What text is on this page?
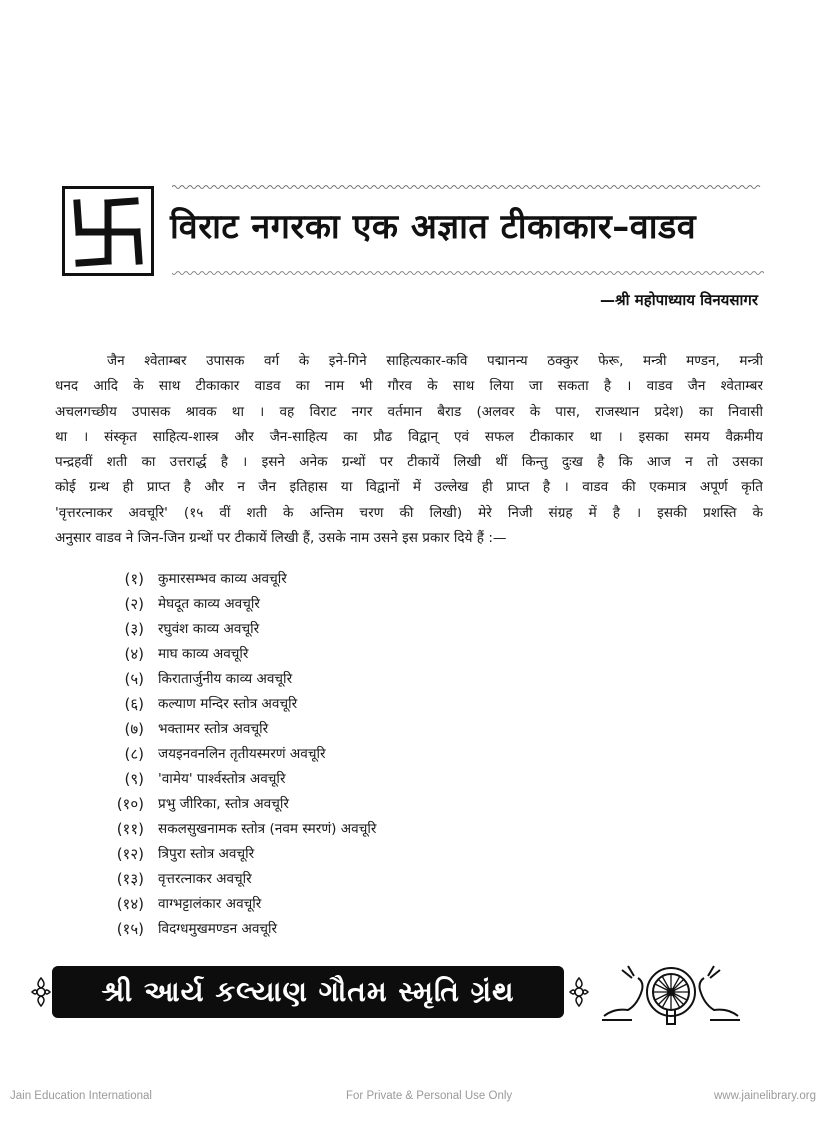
विराट नगरका एक अज्ञात टीकाकार–वाडव
—श्री महोपाध्याय विनयसागर
जैन श्वेताम्बर उपासक वर्ग के इने-गिने साहित्यकार-कवि पद्मानन्य ठक्कुर फेरू, मन्त्री मण्डन, मन्त्री
धनद आदि के साथ टीकाकार वाडव का नाम भी गौरव के साथ लिया जा सकता है । वाडव जैन श्वेताम्बर
अचलगच्छीय उपासक श्रावक था । वह विराट नगर वर्तमान बैराड (अलवर के पास, राजस्थान प्रदेश) का निवासी
था । संस्कृत साहित्य-शास्त्र और जैन-साहित्य का प्रौढ विद्वान् एवं सफल टीकाकार था । इसका समय वैक्रमीय
पन्द्रहवीं शती का उत्तरार्द्ध है । इसने अनेक ग्रन्थों पर टीकायें लिखी थीं किन्तु दुःख है कि आज न तो उसका
कोई ग्रन्थ ही प्राप्त है और न जैन इतिहास या विद्वानों में उल्लेख ही प्राप्त है । वाडव की एकमात्र अपूर्ण कृति
'वृत्तरत्नाकर अवचूरि' (१५ वीं शती के अन्तिम चरण की लिखी) मेरे निजी संग्रह में है । इसकी प्रशस्ति के
अनुसार वाडव ने जिन-जिन ग्रन्थों पर टीकायें लिखी हैं, उसके नाम उसने इस प्रकार दिये हैं :—
(१)	कुमारसम्भव काव्य अवचूरि
(२)	मेघदूत काव्य अवचूरि
(३)	रघुवंश काव्य अवचूरि
(४)	माघ काव्य अवचूरि
(५)	किरातार्जुनीय काव्य अवचूरि
(६)	कल्याण मन्दिर स्तोत्र अवचूरि
(७)	भक्तामर स्तोत्र अवचूरि
(८)	जयइनवनलिन तृतीयस्मरणं अवचूरि
(९)	'वामेय' पार्श्वस्तोत्र अवचूरि
(१०)	प्रभु जीरिका, स्तोत्र अवचूरि
(११)	सकलसुखनामक स्तोत्र (नवम स्मरणं) अवचूरि
(१२)	त्रिपुरा स्तोत्र अवचूरि
(१३)	वृत्तरत्नाकर अवचूरि
(१४)	वाग्भट्टालंकार अवचूरि
(१५)	विदग्धमुखमण्डन अवचूरि
શ્રી આર્ય કલ્યાણ ગૌતમ સ્મૃતિ ગ્રંથ
Jain Education International	For Private & Personal Use Only	www.jainelibrary.org
